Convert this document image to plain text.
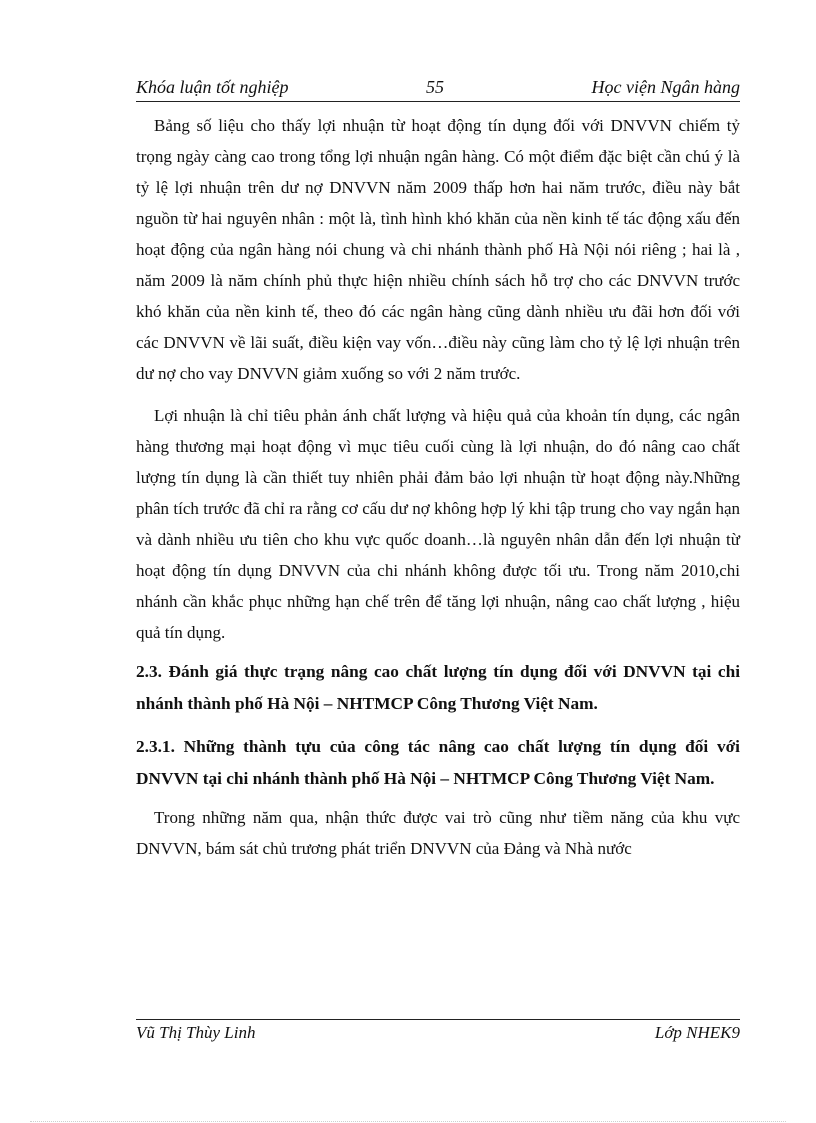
Khóa luận tốt nghiệp	55	Học viện Ngân hàng

Bảng số liệu cho thấy lợi nhuận từ hoạt động tín dụng đối với DNVVN chiếm tỷ trọng ngày càng cao trong tổng lợi nhuận ngân hàng. Có một điểm đặc biệt cần chú ý là tỷ lệ lợi nhuận trên dư nợ DNVVN năm 2009 thấp hơn hai năm trước, điều này bắt nguồn từ hai nguyên nhân : một là, tình hình khó khăn của nền kinh tế tác động xấu đến hoạt động của ngân hàng nói chung và chi nhánh thành phố Hà Nội nói riêng ; hai là , năm 2009 là năm chính phủ thực hiện nhiều chính sách hỗ trợ cho các DNVVN trước khó khăn của nền kinh tế, theo đó các ngân hàng cũng dành nhiều ưu đãi hơn đối với các DNVVN về lãi suất, điều kiện vay vốn…điều này cũng làm cho tỷ lệ lợi nhuận trên dư nợ cho vay DNVVN giảm xuống so với 2 năm trước.

Lợi nhuận là chỉ tiêu phản ánh chất lượng và hiệu quả của khoản tín dụng, các ngân hàng thương mại hoạt động vì mục tiêu cuối cùng là lợi nhuận, do đó nâng cao chất lượng tín dụng là cần thiết tuy nhiên phải đảm bảo lợi nhuận từ hoạt động này.Những phân tích trước đã chỉ ra rằng cơ cấu dư nợ không hợp lý khi tập trung cho vay ngắn hạn và dành nhiều ưu tiên cho khu vực quốc doanh…là nguyên nhân dẫn đến lợi nhuận từ hoạt động tín dụng DNVVN của chi nhánh không được tối ưu. Trong năm 2010,chi nhánh cần khắc phục những hạn chế trên để tăng lợi nhuận, nâng cao chất lượng , hiệu quả tín dụng.

2.3. Đánh giá thực trạng nâng cao chất lượng tín dụng đối với DNVVN tại chi nhánh thành phố Hà Nội – NHTMCP Công Thương Việt Nam.

2.3.1. Những thành tựu của công tác nâng cao chất lượng tín dụng đối với DNVVN tại chi nhánh thành phố Hà Nội – NHTMCP Công Thương Việt Nam.

Trong những năm qua, nhận thức được vai trò cũng như tiềm năng của khu vực DNVVN, bám sát chủ trương phát triển DNVVN của Đảng và Nhà nước

Vũ Thị Thùy Linh	Lớp NHEK9
